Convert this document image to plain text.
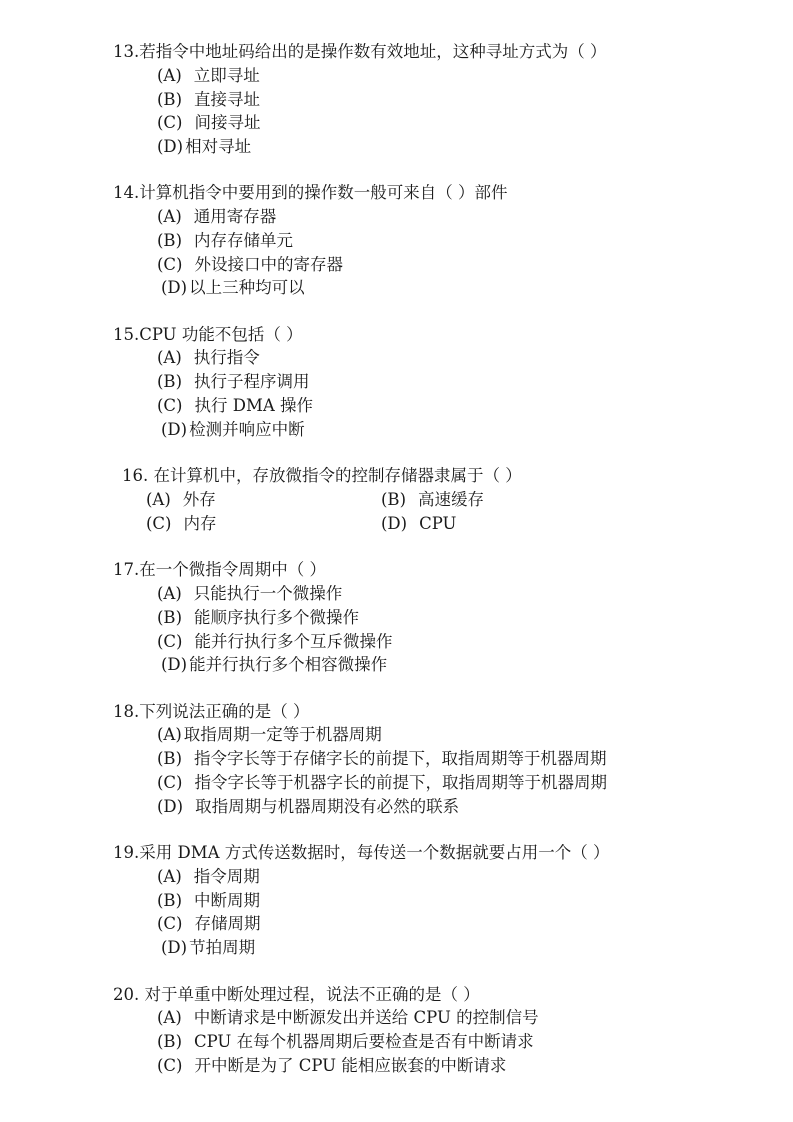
13.若指令中地址码给出的是操作数有效地址，这种寻址方式为（ ）
(A) 立即寻址
(B) 直接寻址
(C) 间接寻址
(D) 相对寻址
14.计算机指令中要用到的操作数一般可来自（ ）部件
(A) 通用寄存器
(B) 内存存储单元
(C) 外设接口中的寄存器
(D) 以上三种均可以
15.CPU 功能不包括（ ）
(A) 执行指令
(B) 执行子程序调用
(C) 执行 DMA 操作
(D) 检测并响应中断
16. 在计算机中，存放微指令的控制存储器隶属于（ ）
(A) 外存	(B) 高速缓存
(C) 内存	(D) CPU
17.在一个微指令周期中（ ）
(A) 只能执行一个微操作
(B) 能顺序执行多个微操作
(C) 能并行执行多个互斥微操作
(D) 能并行执行多个相容微操作
18.下列说法正确的是（ ）
(A) 取指周期一定等于机器周期
(B) 指令字长等于存储字长的前提下，取指周期等于机器周期
(C) 指令字长等于机器字长的前提下，取指周期等于机器周期
(D) 取指周期与机器周期没有必然的联系
19.采用 DMA 方式传送数据时，每传送一个数据就要占用一个（ ）
(A) 指令周期
(B) 中断周期
(C) 存储周期
(D) 节拍周期
20. 对于单重中断处理过程，说法不正确的是（ ）
(A) 中断请求是中断源发出并送给 CPU 的控制信号
(B) CPU 在每个机器周期后要检查是否有中断请求
(C) 开中断是为了 CPU 能相应嵌套的中断请求
